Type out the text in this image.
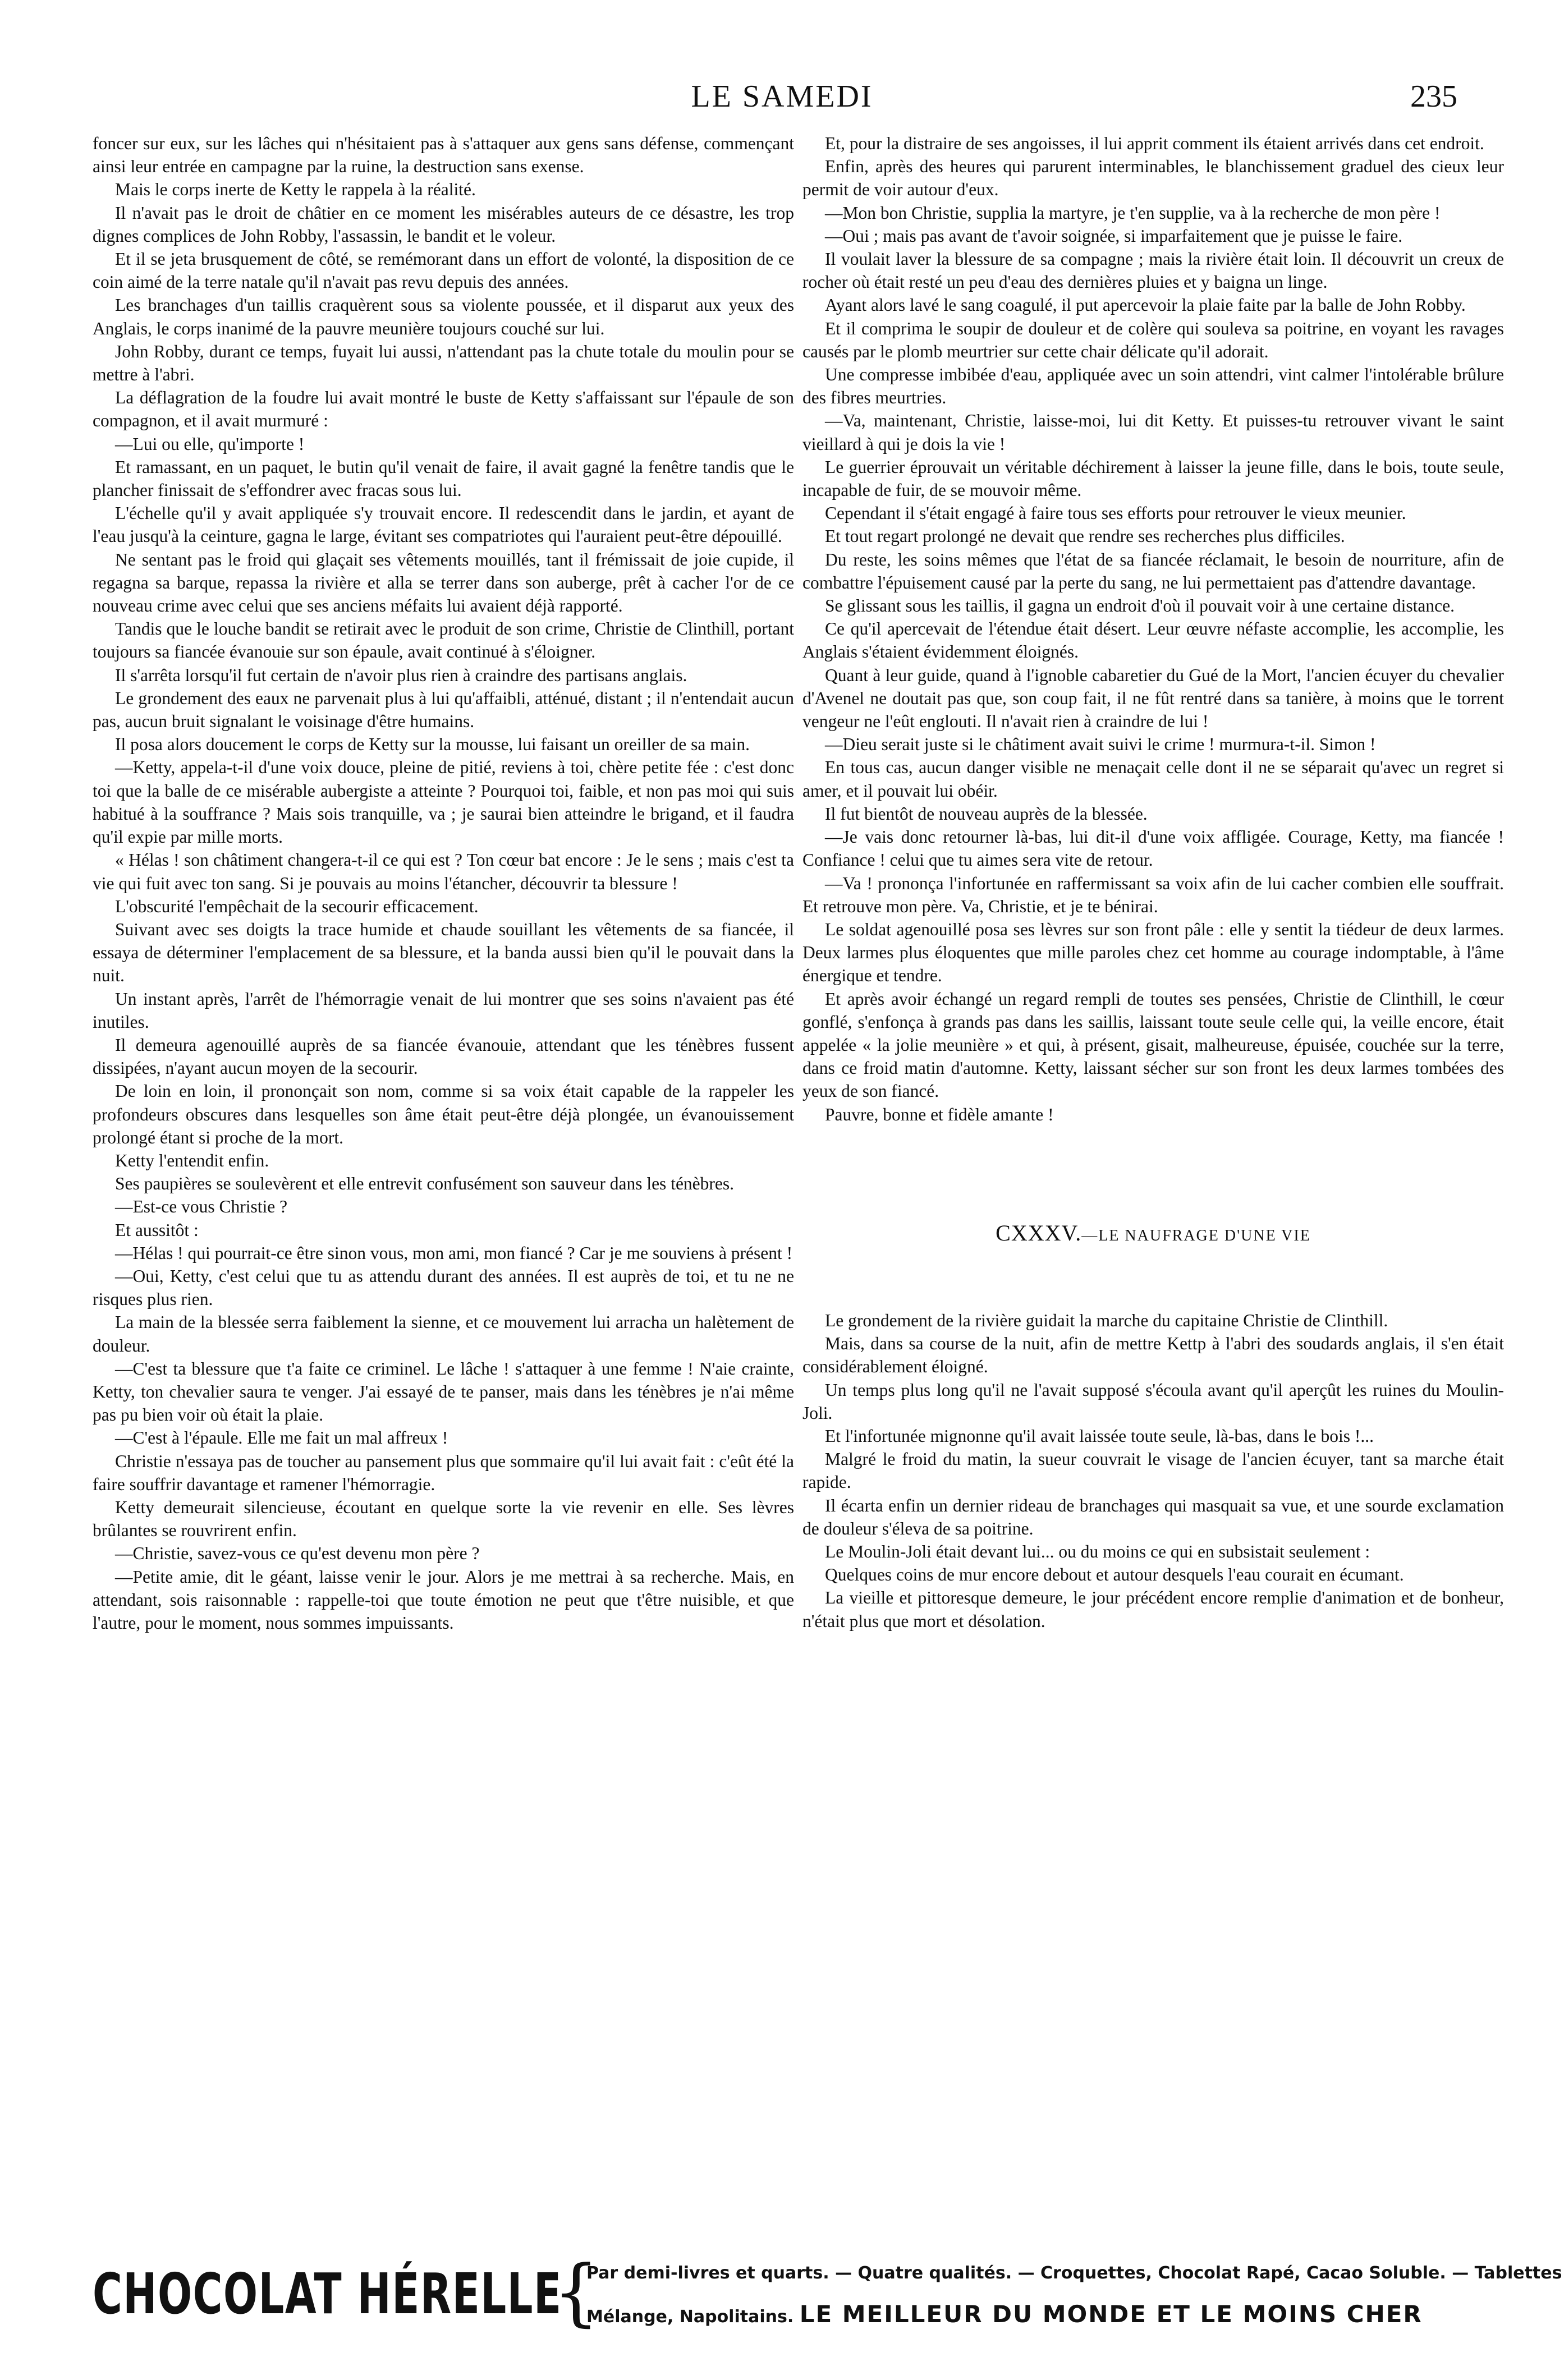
LE SAMEDI	235

foncer sur eux, sur les lâches qui n'hésitaient pas à s'attaquer aux gens sans défense, commençant ainsi leur entrée en campagne par la ruine, la destruction sans exense.

Mais le corps inerte de Ketty le rappela à la réalité.

Il n'avait pas le droit de châtier en ce moment les misérables auteurs de ce désastre, les trop dignes complices de John Robby, l'assassin, le bandit et le voleur.

Et il se jeta brusquement de côté, se remémorant dans un effort de volonté, la disposition de ce coin aimé de la terre natale qu'il n'avait pas revu depuis des années.

Les branchages d'un taillis craquèrent sous sa violente poussée, et il disparut aux yeux des Anglais, le corps inanimé de la pauvre meunière toujours couché sur lui.

John Robby, durant ce temps, fuyait lui aussi, n'attendant pas la chute totale du moulin pour se mettre à l'abri.

La déflagration de la foudre lui avait montré le buste de Ketty s'affaissant sur l'épaule de son compagnon, et il avait murmuré :

—Lui ou elle, qu'importe !

Et ramassant, en un paquet, le butin qu'il venait de faire, il avait gagné la fenêtre tandis que le plancher finissait de s'effondrer avec fracas sous lui.

L'échelle qu'il y avait appliquée s'y trouvait encore. Il redescendit dans le jardin, et ayant de l'eau jusqu'à la ceinture, gagna le large, évitant ses compatriotes qui l'auraient peut-être dépouillé.

Ne sentant pas le froid qui glaçait ses vêtements mouillés, tant il frémissait de joie cupide, il regagna sa barque, repassa la rivière et alla se terrer dans son auberge, prêt à cacher l'or de ce nouveau crime avec celui que ses anciens méfaits lui avaient déjà rapporté.

Tandis que le louche bandit se retirait avec le produit de son crime, Christie de Clinthill, portant toujours sa fiancée évanouie sur son épaule, avait continué à s'éloigner.

Il s'arrêta lorsqu'il fut certain de n'avoir plus rien à craindre des partisans anglais.

Le grondement des eaux ne parvenait plus à lui qu'affaibli, atténué, distant ; il n'entendait aucun pas, aucun bruit signalant le voisinage d'être humains.

Il posa alors doucement le corps de Ketty sur la mousse, lui faisant un oreiller de sa main.

—Ketty, appela-t-il d'une voix douce, pleine de pitié, reviens à toi, chère petite fée : c'est donc toi que la balle de ce misérable aubergiste a atteinte ? Pourquoi toi, faible, et non pas moi qui suis habitué à la souffrance ? Mais sois tranquille, va ; je saurai bien atteindre le brigand, et il faudra qu'il expie par mille morts.

« Hélas ! son châtiment changera-t-il ce qui est ? Ton cœur bat encore : Je le sens ; mais c'est ta vie qui fuit avec ton sang. Si je pouvais au moins l'étancher, découvrir ta blessure !

L'obscurité l'empêchait de la secourir efficacement.

Suivant avec ses doigts la trace humide et chaude souillant les vêtements de sa fiancée, il essaya de déterminer l'emplacement de sa blessure, et la banda aussi bien qu'il le pouvait dans la nuit.

Un instant après, l'arrêt de l'hémorragie venait de lui montrer que ses soins n'avaient pas été inutiles.

Il demeura agenouillé auprès de sa fiancée évanouie, attendant que les ténèbres fussent dissipées, n'ayant aucun moyen de la secourir.

De loin en loin, il prononçait son nom, comme si sa voix était capable de la rappeler les profondeurs obscures dans lesquelles son âme était peut-être déjà plongée, un évanouissement prolongé étant si proche de la mort.

Ketty l'entendit enfin.

Ses paupières se soulevèrent et elle entrevit confusément son sauveur dans les ténèbres.

—Est-ce vous Christie ?

Et aussitôt :

—Hélas ! qui pourrait-ce être sinon vous, mon ami, mon fiancé ? Car je me souviens à présent !

—Oui, Ketty, c'est celui que tu as attendu durant des années. Il est auprès de toi, et tu ne ne risques plus rien.

La main de la blessée serra faiblement la sienne, et ce mouvement lui arracha un halètement de douleur.

—C'est ta blessure que t'a faite ce criminel. Le lâche ! s'attaquer à une femme ! N'aie crainte, Ketty, ton chevalier saura te venger. J'ai essayé de te panser, mais dans les ténèbres je n'ai même pas pu bien voir où était la plaie.

—C'est à l'épaule. Elle me fait un mal affreux !

Christie n'essaya pas de toucher au pansement plus que sommaire qu'il lui avait fait : c'eût été la faire souffrir davantage et ramener l'hémorragie.

Ketty demeurait silencieuse, écoutant en quelque sorte la vie revenir en elle. Ses lèvres brûlantes se rouvrirent enfin.

—Christie, savez-vous ce qu'est devenu mon père ?

—Petite amie, dit le géant, laisse venir le jour. Alors je me mettrai à sa recherche. Mais, en attendant, sois raisonnable : rappelle-toi que toute émotion ne peut que t'être nuisible, et que l'autre, pour le moment, nous sommes impuissants.

Et, pour la distraire de ses angoisses, il lui apprit comment ils étaient arrivés dans cet endroit.

Enfin, après des heures qui parurent interminables, le blanchissement graduel des cieux leur permit de voir autour d'eux.

—Mon bon Christie, supplia la martyre, je t'en supplie, va à la recherche de mon père !

—Oui ; mais pas avant de t'avoir soignée, si imparfaitement que je puisse le faire.

Il voulait laver la blessure de sa compagne ; mais la rivière était loin. Il découvrit un creux de rocher où était resté un peu d'eau des dernières pluies et y baigna un linge.

Ayant alors lavé le sang coagulé, il put apercevoir la plaie faite par la balle de John Robby.

Et il comprima le soupir de douleur et de colère qui souleva sa poitrine, en voyant les ravages causés par le plomb meurtrier sur cette chair délicate qu'il adorait.

Une compresse imbibée d'eau, appliquée avec un soin attendri, vint calmer l'intolérable brûlure des fibres meurtries.

—Va, maintenant, Christie, laisse-moi, lui dit Ketty. Et puisses-tu retrouver vivant le saint vieillard à qui je dois la vie !

Le guerrier éprouvait un véritable déchirement à laisser la jeune fille, dans le bois, toute seule, incapable de fuir, de se mouvoir même.

Cependant il s'était engagé à faire tous ses efforts pour retrouver le vieux meunier.

Et tout regart prolongé ne devait que rendre ses recherches plus difficiles.

Du reste, les soins mêmes que l'état de sa fiancée réclamait, le besoin de nourriture, afin de combattre l'épuisement causé par la perte du sang, ne lui permettaient pas d'attendre davantage.

Se glissant sous les taillis, il gagna un endroit d'où il pouvait voir à une certaine distance.

Ce qu'il apercevait de l'étendue était désert. Leur œuvre néfaste accomplie, les accomplie, les Anglais s'étaient évidemment éloignés.

Quant à leur guide, quand à l'ignoble cabaretier du Gué de la Mort, l'ancien écuyer du chevalier d'Avenel ne doutait pas que, son coup fait, il ne fût rentré dans sa tanière, à moins que le torrent vengeur ne l'eût englouti. Il n'avait rien à craindre de lui !

—Dieu serait juste si le châtiment avait suivi le crime ! murmura-t-il. Simon !

En tous cas, aucun danger visible ne menaçait celle dont il ne se séparait qu'avec un regret si amer, et il pouvait lui obéir.

Il fut bientôt de nouveau auprès de la blessée.

—Je vais donc retourner là-bas, lui dit-il d'une voix affligée. Courage, Ketty, ma fiancée ! Confiance ! celui que tu aimes sera vite de retour.

—Va ! prononça l'infortunée en raffermissant sa voix afin de lui cacher combien elle souffrait. Et retrouve mon père. Va, Christie, et je te bénirai.

Le soldat agenouillé posa ses lèvres sur son front pâle : elle y sentit la tiédeur de deux larmes. Deux larmes plus éloquentes que mille paroles chez cet homme au courage indomptable, à l'âme énergique et tendre.

Et après avoir échangé un regard rempli de toutes ses pensées, Christie de Clinthill, le cœur gonflé, s'enfonça à grands pas dans les saillis, laissant toute seule celle qui, la veille encore, était appelée « la jolie meunière » et qui, à présent, gisait, malheureuse, épuisée, couchée sur la terre, dans ce froid matin d'automne. Ketty, laissant sécher sur son front les deux larmes tombées des yeux de son fiancé.

Pauvre, bonne et fidèle amante !

CXXXV.—LE NAUFRAGE D'UNE VIE

Le grondement de la rivière guidait la marche du capitaine Christie de Clinthill.

Mais, dans sa course de la nuit, afin de mettre Kettp à l'abri des soudards anglais, il s'en était considérablement éloigné.

Un temps plus long qu'il ne l'avait supposé s'écoula avant qu'il aperçût les ruines du Moulin-Joli.

Et l'infortunée mignonne qu'il avait laissée toute seule, là-bas, dans le bois !...

Malgré le froid du matin, la sueur couvrait le visage de l'ancien écuyer, tant sa marche était rapide.

Il écarta enfin un dernier rideau de branchages qui masquait sa vue, et une sourde exclamation de douleur s'éleva de sa poitrine.

Le Moulin-Joli était devant lui... ou du moins ce qui en subsistait seulement :

Quelques coins de mur encore debout et autour desquels l'eau courait en écumant.

La vieille et pittoresque demeure, le jour précédent encore remplie d'animation et de bonheur, n'était plus que mort et désolation.

CHOCOLAT HÉRELLE
{
Par demi-livres et quarts. — Quatre qualités. — Croquettes, Chocolat Rapé, Cacao Soluble. — Tablettes
Mélange, Napolitains. LE MEILLEUR DU MONDE ET LE MOINS CHER
